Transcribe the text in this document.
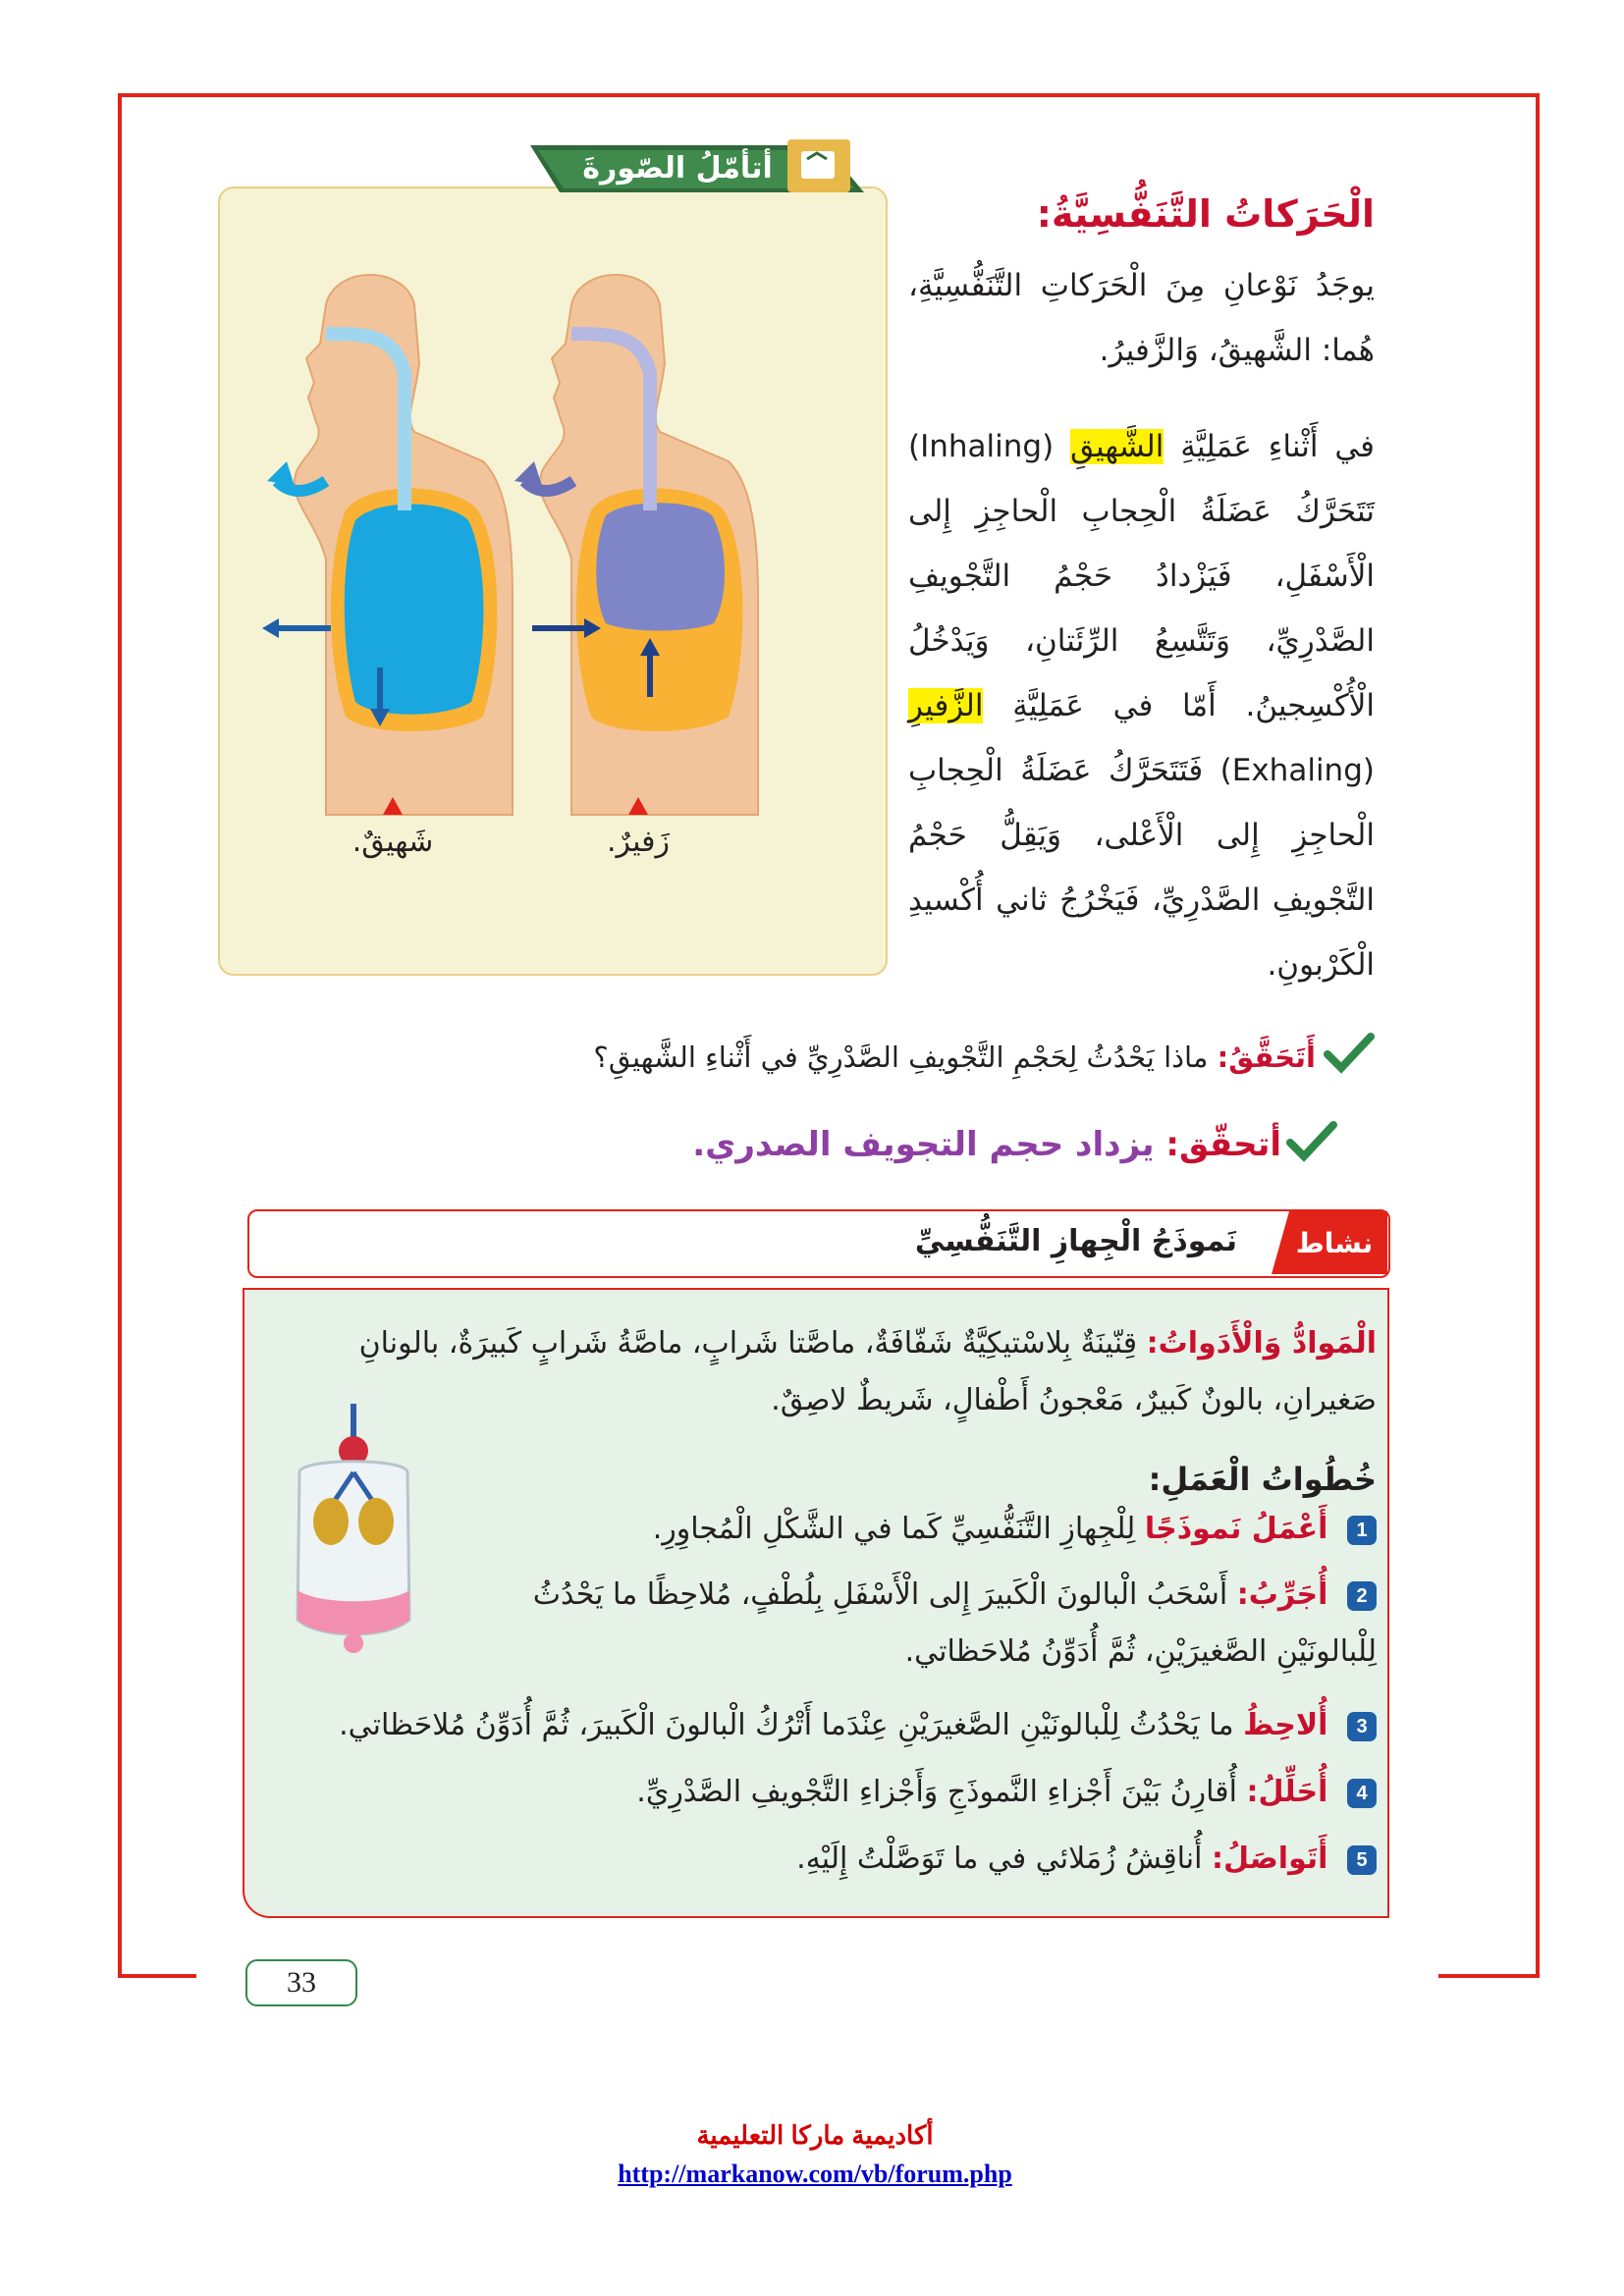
أتأمّلُ الصّورةَ
شَهيقٌ.	زَفيرٌ.
الْحَرَكاتُ التَّنَفُّسِيَّةُ:
يوجَدُ نَوْعانِ مِنَ الْحَرَكاتِ التَّنَفُّسِيَّةِ، هُما: الشَّهيقُ، وَالزَّفيرُ.
في أَثْناءِ عَمَلِيَّةِ الشَّهيقِ (Inhaling) تَتَحَرَّكُ عَضَلَةُ الْحِجابِ الْحاجِزِ إِلى الْأَسْفَلِ، فَيَزْدادُ حَجْمُ التَّجْويفِ الصَّدْرِيِّ، وَتَتَّسِعُ الرِّئَتانِ، وَيَدْخُلُ الْأُكْسِجينُ. أَمّا في عَمَلِيَّةِ الزَّفيرِ (Exhaling) فَتَتَحَرَّكُ عَضَلَةُ الْحِجابِ الْحاجِزِ إِلى الْأَعْلى، وَيَقِلُّ حَجْمُ التَّجْويفِ الصَّدْرِيِّ، فَيَخْرُجُ ثاني أُكْسيدِ الْكَرْبونِ.
أَتَحَقَّقُ: ماذا يَحْدُثُ لِحَجْمِ التَّجْويفِ الصَّدْرِيِّ في أَثْناءِ الشَّهيقِ؟
أتحقّق: يزداد حجم التجويف الصدري.
نشاط
نَموذَجُ الْجِهازِ التَّنَفُّسِيِّ
الْمَوادُّ وَالْأَدَواتُ: قِنّينَةٌ بِلاسْتيكِيَّةٌ شَفّافَةٌ، ماصَّتا شَرابٍ، ماصَّةُ شَرابٍ كَبيرَةٌ، بالونانِ صَغيرانِ، بالونٌ كَبيرٌ، مَعْجونُ أَطْفالٍ، شَريطٌ لاصِقٌ.
خُطُواتُ الْعَمَلِ:
1 أَعْمَلُ نَموذَجًا لِلْجِهازِ التَّنَفُّسِيِّ كَما في الشَّكْلِ الْمُجاوِرِ.
2 أُجَرِّبُ: أَسْحَبُ الْبالونَ الْكَبيرَ إِلى الْأَسْفَلِ بِلُطْفٍ، مُلاحِظًا ما يَحْدُثُ لِلْبالونَيْنِ الصَّغيرَيْنِ، ثُمَّ أُدَوِّنُ مُلاحَظاتي.
3 أُلاحِظُ ما يَحْدُثُ لِلْبالونَيْنِ الصَّغيرَيْنِ عِنْدَما أَتْرُكُ الْبالونَ الْكَبيرَ، ثُمَّ أُدَوِّنُ مُلاحَظاتي.
4 أُحَلِّلُ: أُقارِنُ بَيْنَ أَجْزاءِ النَّموذَجِ وَأَجْزاءِ التَّجْويفِ الصَّدْرِيِّ.
5 أَتَواصَلُ: أُناقِشُ زُمَلائي في ما تَوَصَّلْتُ إِلَيْهِ.
33
أكاديمية ماركا التعليمية
http://markanow.com/vb/forum.php
